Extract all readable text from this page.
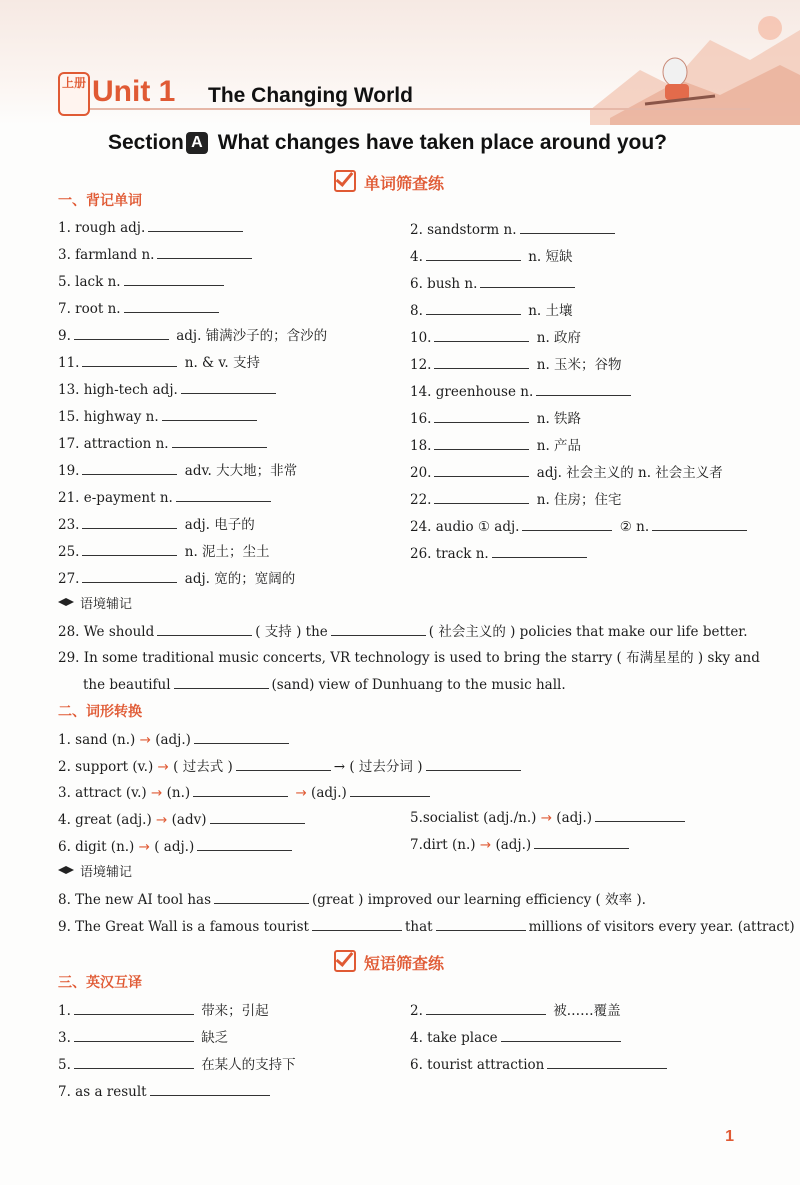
上册 Unit 1 The Changing World
Section A What changes have taken place around you?
单词筛查练
一、背记单词
1. rough adj.	2. sandstorm n.
3. farmland n.	4.	n. 短缺
5. lack n.	6. bush n.
7. root n.	8.	n. 土壤
9.	adj. 铺满沙子的；含沙的	10.	n. 政府
11.	n. & v. 支持	12.	n. 玉米；谷物
13. high-tech adj.	14. greenhouse n.
15. highway n.	16.	n. 铁路
17. attraction n.	18.	n. 产品
19.	adv. 大大地；非常	20.	adj. 社会主义的 n. 社会主义者
21. e-payment n.	22.	n. 住房；住宅
23.	adj. 电子的	24. audio ① adj.	② n.
25.	n. 泥土；尘土	26. track n.
27.	adj. 宽的；宽阔的
语境辅记
28. We should	( 支持 ) the	( 社会主义的 ) policies that make our life better.
29. In some traditional music concerts, VR technology is used to bring the starry ( 布满星星的 ) sky and
the beautiful	(sand) view of Dunhuang to the music hall.
二、词形转换
1. sand (n.) → (adj.)
2. support (v.) → ( 过去式 )	→ ( 过去分词 )
3. attract (v.) → (n.)	→ (adj.)
4. great (adj.) → (adv)	5.socialist (adj./n.) → (adj.)
6. digit (n.) → ( adj.)	7.dirt (n.) → (adj.)
语境辅记
8. The new AI tool has	(great ) improved our learning efficiency ( 效率 ).
9. The Great Wall is a famous tourist	that	millions of visitors every year. (attract)
短语筛查练
三、英汉互译
1.	带来；引起	2.	被……覆盖
3.	缺乏	4. take place
5.	在某人的支持下	6. tourist attraction
7. as a result
1
